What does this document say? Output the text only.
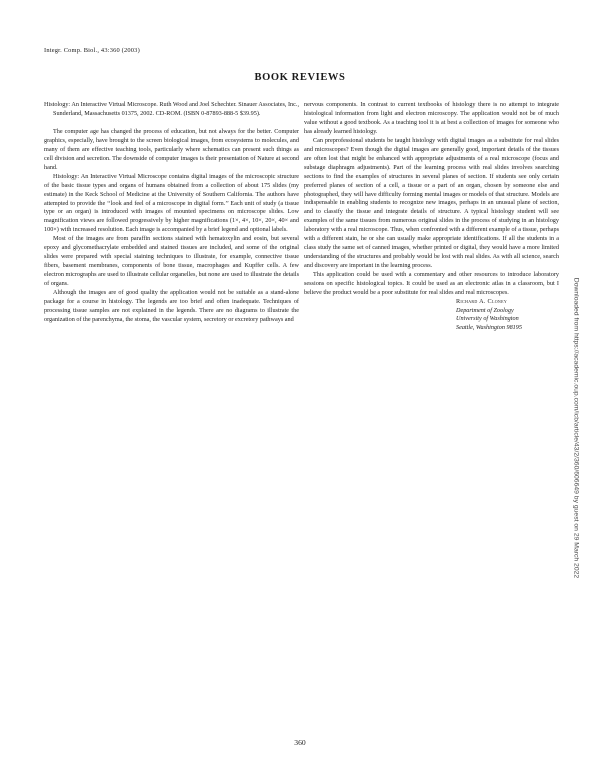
Integr. Comp. Biol., 43:360 (2003)
BOOK REVIEWS

Histology: An Interactive Virtual Microscope. Ruth Wood and Joel Schechter. Sinauer Associates, Inc., Sunderland, Massachusetts 01375, 2002. CD-ROM. (ISBN 0-87893-888-5 $39.95).

The computer age has changed the process of education, but not always for the better. Computer graphics, especially, have brought to the screen biological images, from ecosystems to molecules, and many of them are effective teaching tools, particularly where schematics can present such things as cell division and secretion. The downside of computer images is their presentation of Nature at second hand.

Histology: An Interactive Virtual Microscope contains digital images of the microscopic structure of the basic tissue types and organs of humans obtained from a collection of about 175 slides (my estimate) in the Keck School of Medicine at the University of Southern California. The authors have attempted to provide the ‘‘look and feel of a microscope in digital form.’’ Each unit of study (a tissue type or an organ) is introduced with images of mounted specimens on microscope slides. Low magnification views are followed progressively by higher magnifications (1×, 4×, 10×, 20×, 40× and 100×) with increased resolution. Each image is accompanied by a brief legend and optional labels.

Most of the images are from paraffin sections stained with hematoxylin and eosin, but several epoxy and glycomethacrylate embedded and stained tissues are included, and some of the original slides were prepared with special staining techniques to illustrate, for example, connective tissue fibers, basement membranes, components of bone tissue, macrophages and Kupffer cells. A few electron micrographs are used to illustrate cellular organelles, but none are used to illustrate the details of organs.

Although the images are of good quality the application would not be suitable as a stand-alone package for a course in histology. The legends are too brief and often inadequate. Techniques of processing tissue samples are not explained in the legends. There are no diagrams to illustrate the organization of the parenchyma, the stoma, the vascular system, secretory or excretory pathways and

nervous components. In contrast to current textbooks of histology there is no attempt to integrate histological information from light and electron microscopy. The application would not be of much value without a good textbook. As a teaching tool it is at best a collection of images for someone who has already learned histology.

Can preprofessional students be taught histology with digital images as a substitute for real slides and microscopes? Even though the digital images are generally good, important details of the tissues are often lost that might be enhanced with appropriate adjustments of a real microscope (focus and substage diaphragm adjustments). Part of the learning process with real slides involves searching sections to find the examples of structures in several planes of section. If students see only certain preferred planes of section of a cell, a tissue or a part of an organ, chosen by someone else and photographed, they will have difficulty forming mental images or models of that structure. Models are indispensable in enabling students to recognize new images, perhaps in an unusual plane of section, and to classify the tissue and integrate details of structure. A typical histology student will see examples of the same tissues from numerous original slides in the process of studying in an histology laboratory with a real microscope. Thus, when confronted with a different example of a tissue, perhaps with a different stain, he or she can usually make appropriate identifications. If all the students in a class study the same set of canned images, whether printed or digital, they would have a more limited understanding of the structures and probably would be lost with real slides. As with all science, search and discovery are important in the learning process.

This application could be used with a commentary and other resources to introduce laboratory sessions on specific histological topics. It could be used as an electronic atlas in a classroom, but I believe the product would be a poor substitute for real slides and real microscopes.

Richard A. Cloney
Department of Zoology
University of Washington
Seattle, Washington 98195	Downloaded from https://academic.oup.com/icb/article/43/2/360/606649 by guest on 29 March 2022
360
